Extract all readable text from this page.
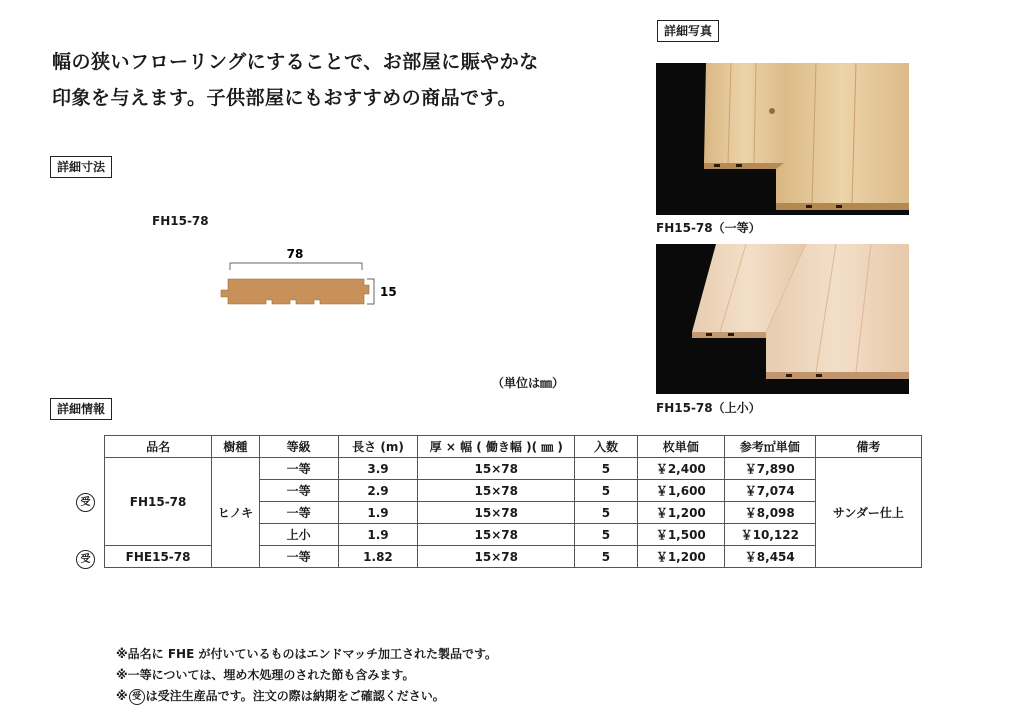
幅の狭いフローリングにすることで、お部屋に賑やかな
印象を与えます。子供部屋にもおすすめの商品です。
詳細寸法
FH15-78
78
15
（単位は㎜）
詳細写真
FH15-78（一等）
FH15-78（上小）
詳細情報
品名	樹種	等級	長さ (m)	厚 × 幅 ( 働き幅 )( ㎜ )	入数	枚単価	参考㎡単価	備考
FH15-78	ヒノキ	一等	3.9	15×78	5	￥2,400	￥7,890	サンダー仕上
		一等	2.9	15×78	5	￥1,600	￥7,074	
		一等	1.9	15×78	5	￥1,200	￥8,098	
		上小	1.9	15×78	5	￥1,500	￥10,122	
FHE15-78		一等	1.82	15×78	5	￥1,200	￥8,454	
受
受
※品名に FHE が付いているものはエンドマッチ加工された製品です。
※一等については、埋め木処理のされた節も含みます。
※ 受 は受注生産品です。注文の際は納期をご確認ください。
